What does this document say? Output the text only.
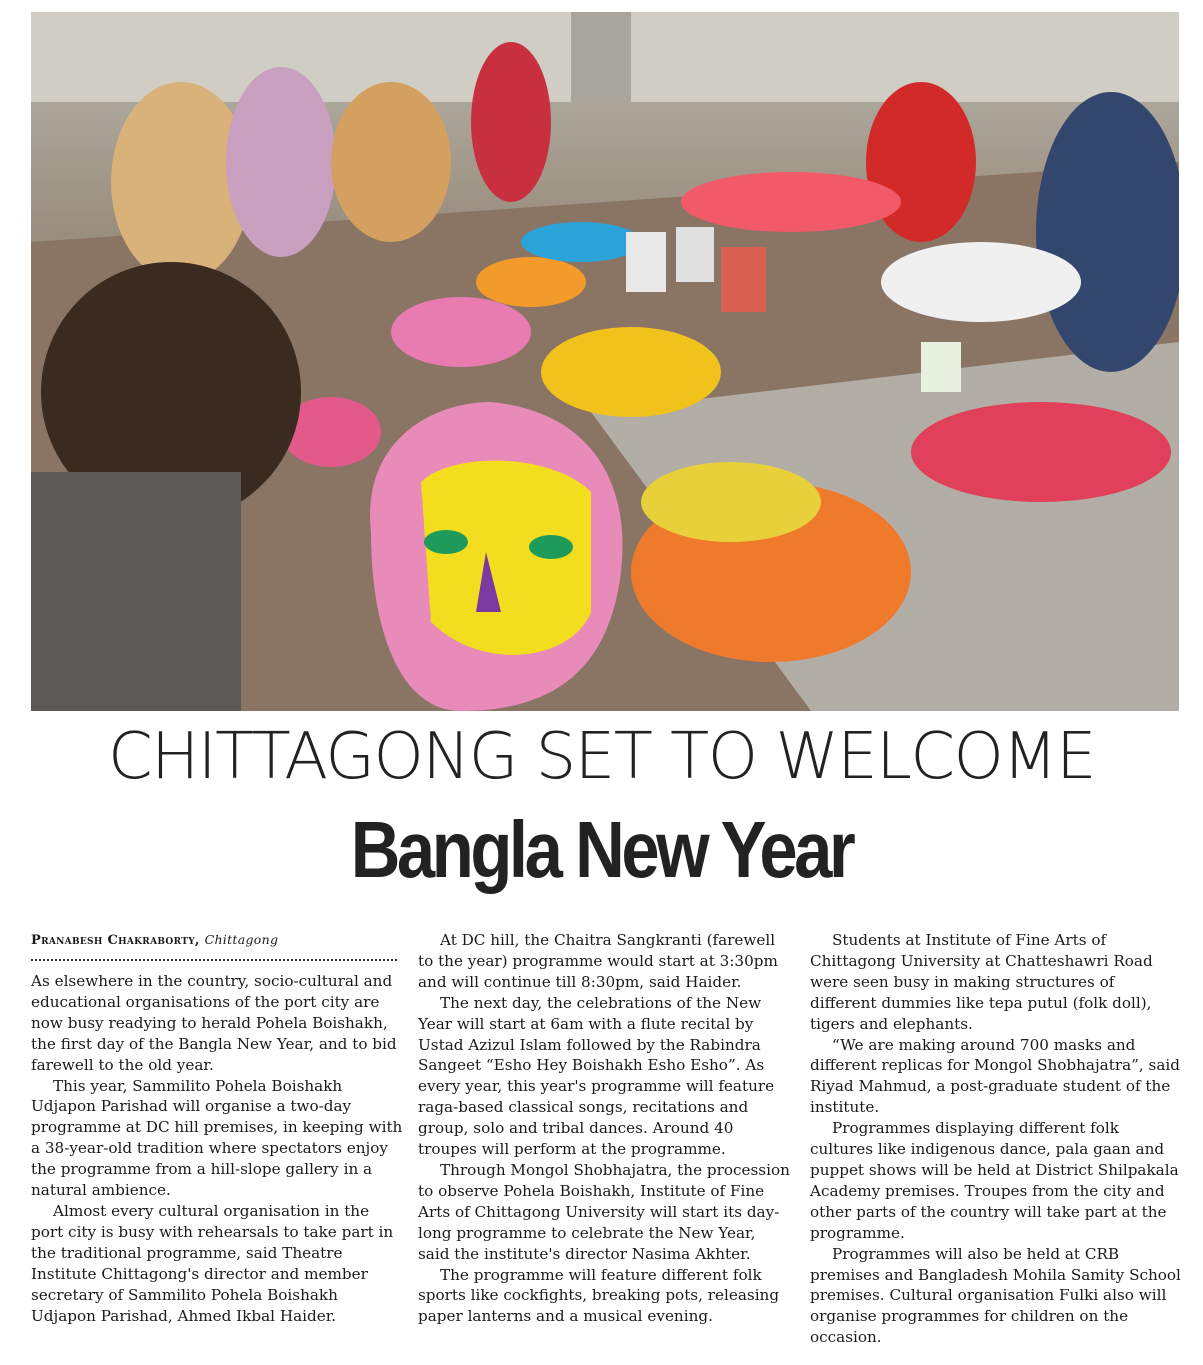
CHITTAGONG SET TO WELCOME
Bangla New Year
Pranabesh Chakraborty, Chittagong

As elsewhere in the country, socio-cultural and educational organisations of the port city are now busy readying to herald Pohela Boishakh, the first day of the Bangla New Year, and to bid farewell to the old year.

This year, Sammilito Pohela Boishakh Udjapon Parishad will organise a two-day programme at DC hill premises, in keeping with a 38-year-old tradition where spectators enjoy the programme from a hill-slope gallery in a natural ambience.

Almost every cultural organisation in the port city is busy with rehearsals to take part in the traditional programme, said Theatre Institute Chittagong's director and member secretary of Sammilito Pohela Boishakh Udjapon Parishad, Ahmed Ikbal Haider.

At DC hill, the Chaitra Sangkranti (farewell to the year) programme would start at 3:30pm and will continue till 8:30pm, said Haider.

The next day, the celebrations of the New Year will start at 6am with a flute recital by Ustad Azizul Islam followed by the Rabindra Sangeet “Esho Hey Boishakh Esho Esho”. As every year, this year's programme will feature raga-based classical songs, recitations and group, solo and tribal dances. Around 40 troupes will perform at the programme.

Through Mongol Shobhajatra, the procession to observe Pohela Boishakh, Institute of Fine Arts of Chittagong University will start its day-long programme to celebrate the New Year, said the institute's director Nasima Akhter.

The programme will feature different folk sports like cockfights, breaking pots, releasing paper lanterns and a musical evening.

Students at Institute of Fine Arts of Chittagong University at Chatteshawri Road were seen busy in making structures of different dummies like tepa putul (folk doll), tigers and elephants.

“We are making around 700 masks and different replicas for Mongol Shobhajatra”, said Riyad Mahmud, a post-graduate student of the institute.

Programmes displaying different folk cultures like indigenous dance, pala gaan and puppet shows will be held at District Shilpakala Academy premises. Troupes from the city and other parts of the country will take part at the programme.

Programmes will also be held at CRB premises and Bangladesh Mohila Samity School premises. Cultural organisation Fulki also will organise programmes for children on the occasion.
